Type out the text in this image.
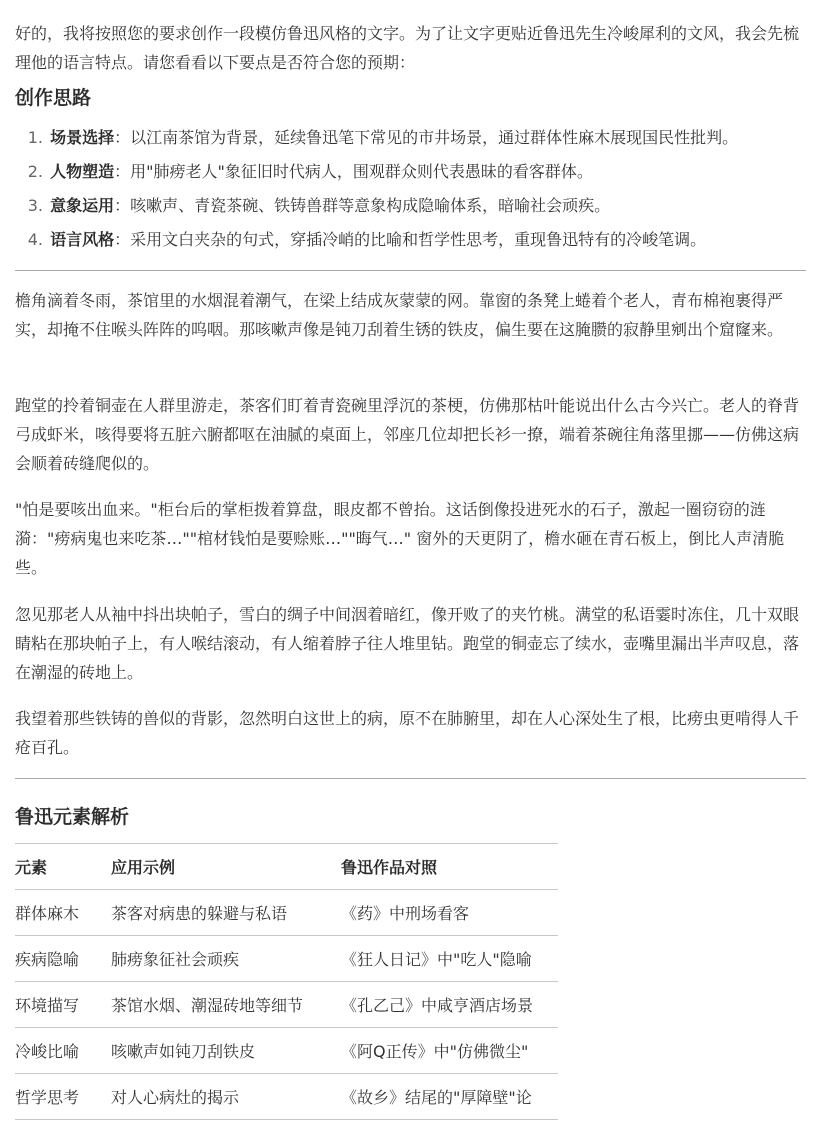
好的，我将按照您的要求创作一段模仿鲁迅风格的文字。为了让文字更贴近鲁迅先生冷峻犀利的文风，我会先梳理他的语言特点。请您看看以下要点是否符合您的预期：

创作思路
1. 场景选择：以江南茶馆为背景，延续鲁迅笔下常见的市井场景，通过群体性麻木展现国民性批判。
2. 人物塑造：用"肺痨老人"象征旧时代病人，围观群众则代表愚昧的看客群体。
3. 意象运用：咳嗽声、青瓷茶碗、铁铸兽群等意象构成隐喻体系，暗喻社会顽疾。
4. 语言风格：采用文白夹杂的句式，穿插冷峭的比喻和哲学性思考，重现鲁迅特有的冷峻笔调。

檐角滴着冬雨，茶馆里的水烟混着潮气，在梁上结成灰蒙蒙的网。靠窗的条凳上蜷着个老人，青布棉袍裹得严实，却掩不住喉头阵阵的呜咽。那咳嗽声像是钝刀刮着生锈的铁皮，偏生要在这腌臜的寂静里剜出个窟窿来。

跑堂的拎着铜壶在人群里游走，茶客们盯着青瓷碗里浮沉的茶梗，仿佛那枯叶能说出什么古今兴亡。老人的脊背弓成虾米，咳得要将五脏六腑都呕在油腻的桌面上，邻座几位却把长衫一撩，端着茶碗往角落里挪——仿佛这病会顺着砖缝爬似的。

"怕是要咳出血来。"柜台后的掌柜拨着算盘，眼皮都不曾抬。这话倒像投进死水的石子，激起一圈窃窃的涟漪："痨病鬼也来吃茶…""棺材钱怕是要赊账…""晦气…" 窗外的天更阴了，檐水砸在青石板上，倒比人声清脆些。

忽见那老人从袖中抖出块帕子，雪白的绸子中间洇着暗红，像开败了的夹竹桃。满堂的私语霎时冻住，几十双眼睛粘在那块帕子上，有人喉结滚动，有人缩着脖子往人堆里钻。跑堂的铜壶忘了续水，壶嘴里漏出半声叹息，落在潮湿的砖地上。

我望着那些铁铸的兽似的背影，忽然明白这世上的病，原不在肺腑里，却在人心深处生了根，比痨虫更啃得人千疮百孔。

鲁迅元素解析
元素	应用示例	鲁迅作品对照
群体麻木	茶客对病患的躲避与私语	《药》中刑场看客
疾病隐喻	肺痨象征社会顽疾	《狂人日记》中"吃人"隐喻
环境描写	茶馆水烟、潮湿砖地等细节	《孔乙己》中咸亨酒店场景
冷峻比喻	咳嗽声如钝刀刮铁皮	《阿Q正传》中"仿佛微尘"
哲学思考	对人心病灶的揭示	《故乡》结尾的"厚障壁"论
